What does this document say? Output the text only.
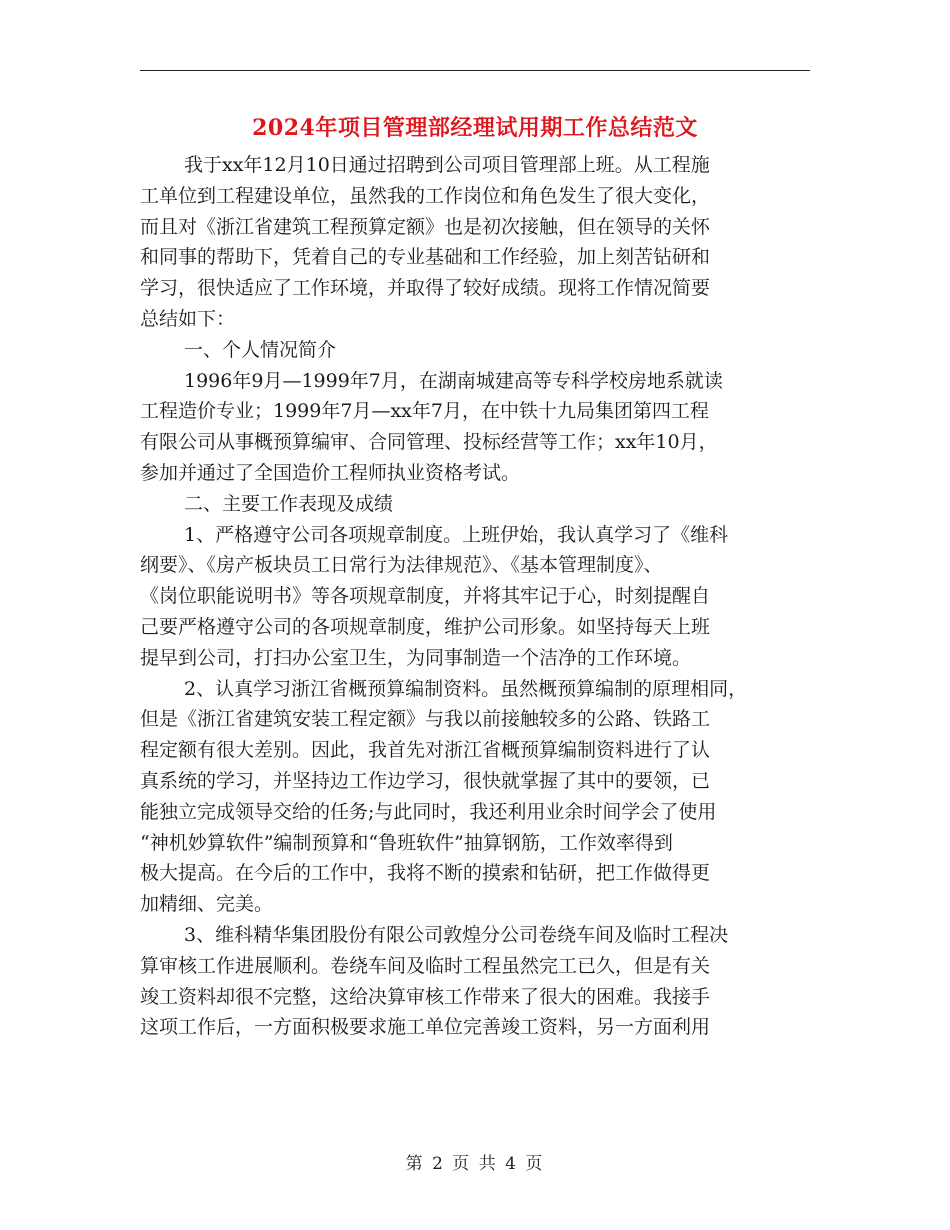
2024年项目管理部经理试用期工作总结范文
我于xx年12月10日通过招聘到公司项目管理部上班。从工程施
工单位到工程建设单位，虽然我的工作岗位和角色发生了很大变化，
而且对《浙江省建筑工程预算定额》也是初次接触，但在领导的关怀
和同事的帮助下，凭着自己的专业基础和工作经验，加上刻苦钻研和
学习，很快适应了工作环境，并取得了较好成绩。现将工作情况简要
总结如下：
一、个人情况简介
1996年9月—1999年7月，在湖南城建高等专科学校房地系就读
工程造价专业；1999年7月—xx年7月，在中铁十九局集团第四工程
有限公司从事概预算编审、合同管理、投标经营等工作；xx年10月，
参加并通过了全国造价工程师执业资格考试。
二、主要工作表现及成绩
1、严格遵守公司各项规章制度。上班伊始，我认真学习了《维科
纲要》、《房产板块员工日常行为法律规范》、《基本管理制度》、
《岗位职能说明书》等各项规章制度，并将其牢记于心，时刻提醒自
己要严格遵守公司的各项规章制度，维护公司形象。如坚持每天上班
提早到公司，打扫办公室卫生，为同事制造一个洁净的工作环境。
2、认真学习浙江省概预算编制资料。虽然概预算编制的原理相同，
但是《浙江省建筑安装工程定额》与我以前接触较多的公路、铁路工
程定额有很大差别。因此，我首先对浙江省概预算编制资料进行了认
真系统的学习，并坚持边工作边学习，很快就掌握了其中的要领，已
能独立完成领导交给的任务;与此同时，我还利用业余时间学会了使用
“神机妙算软件”编制预算和“鲁班软件”抽算钢筋，工作效率得到
极大提高。在今后的工作中，我将不断的摸索和钻研，把工作做得更
加精细、完美。
3、维科精华集团股份有限公司敦煌分公司卷绕车间及临时工程决
算审核工作进展顺利。卷绕车间及临时工程虽然完工已久，但是有关
竣工资料却很不完整，这给决算审核工作带来了很大的困难。我接手
这项工作后，一方面积极要求施工单位完善竣工资料，另一方面利用
第 2 页 共 4 页
